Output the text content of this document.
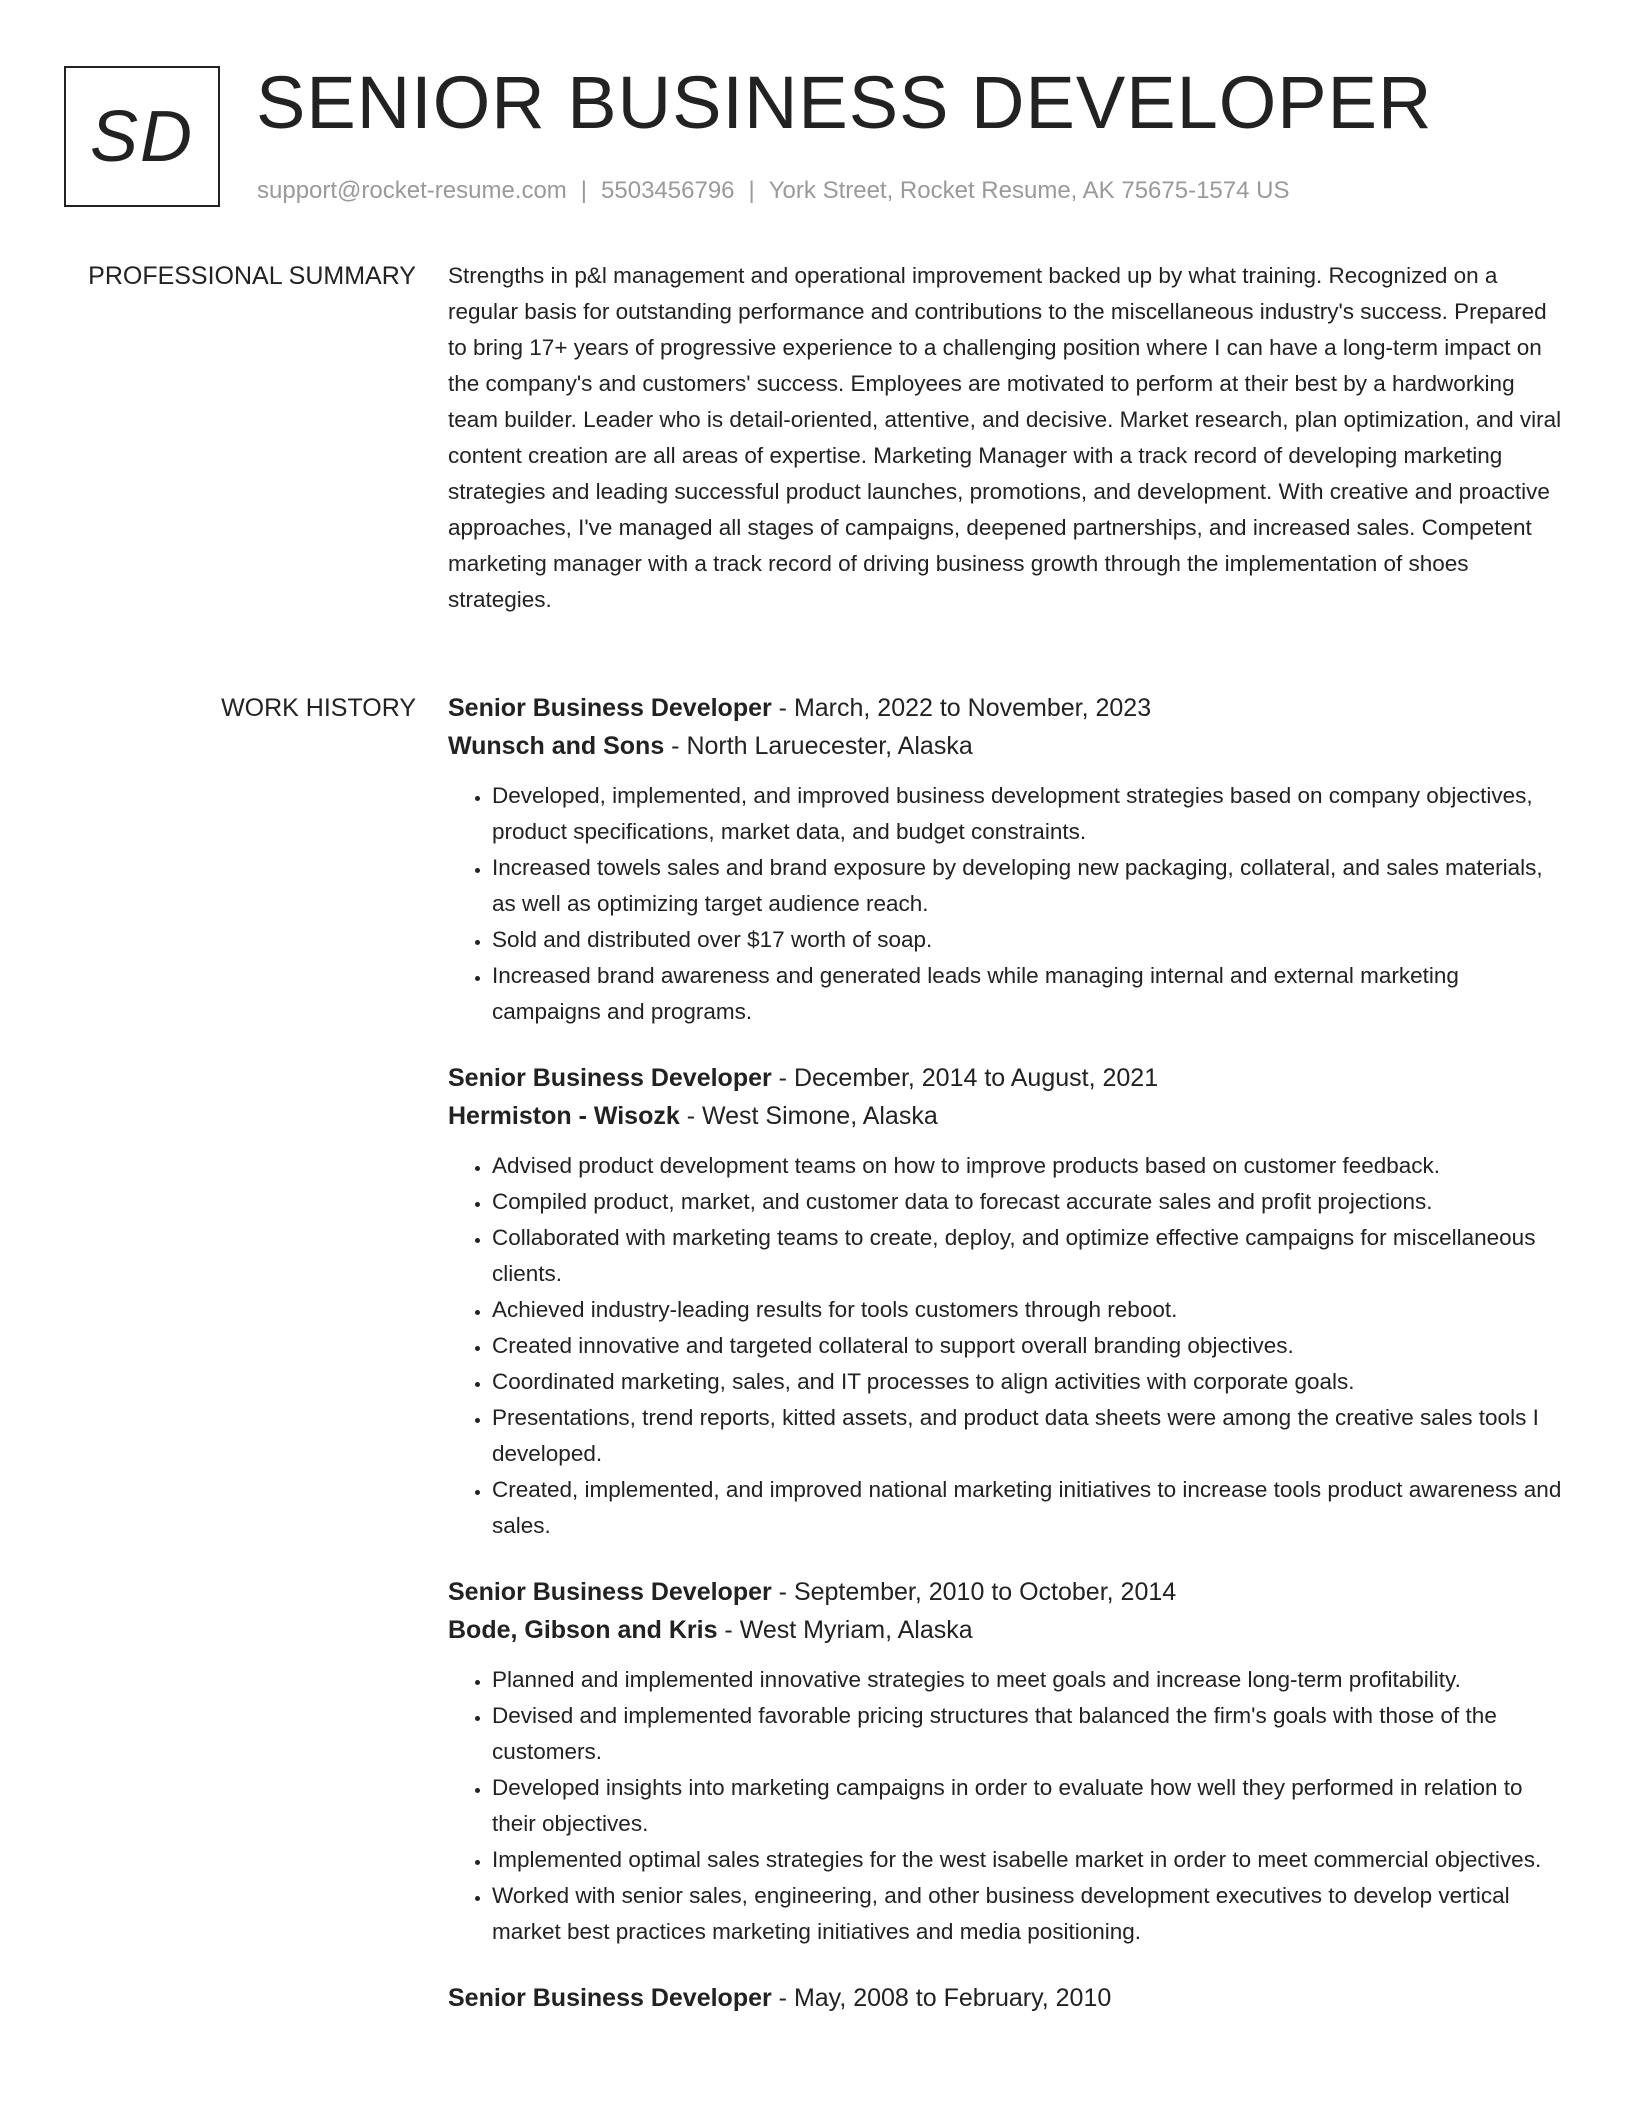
SD SENIOR BUSINESS DEVELOPER
support@rocket-resume.com | 5503456796 | York Street, Rocket Resume, AK 75675-1574 US
PROFESSIONAL SUMMARY Strengths in p&l management and operational improvement backed up by what training. Recognized on a regular basis for outstanding performance and contributions to the miscellaneous industry's success. Prepared to bring 17+ years of progressive experience to a challenging position where I can have a long-term impact on the company's and customers' success. Employees are motivated to perform at their best by a hardworking team builder. Leader who is detail-oriented, attentive, and decisive. Market research, plan optimization, and viral content creation are all areas of expertise. Marketing Manager with a track record of developing marketing strategies and leading successful product launches, promotions, and development. With creative and proactive approaches, I've managed all stages of campaigns, deepened partnerships, and increased sales. Competent marketing manager with a track record of driving business growth through the implementation of shoes strategies.

WORK HISTORY Senior Business Developer - March, 2022 to November, 2023
Wunsch and Sons - North Laruecester, Alaska
• Developed, implemented, and improved business development strategies based on company objectives, product specifications, market data, and budget constraints.
• Increased towels sales and brand exposure by developing new packaging, collateral, and sales materials, as well as optimizing target audience reach.
• Sold and distributed over $17 worth of soap.
• Increased brand awareness and generated leads while managing internal and external marketing campaigns and programs.
Senior Business Developer - December, 2014 to August, 2021
Hermiston - Wisozk - West Simone, Alaska
• Advised product development teams on how to improve products based on customer feedback.
• Compiled product, market, and customer data to forecast accurate sales and profit projections.
• Collaborated with marketing teams to create, deploy, and optimize effective campaigns for miscellaneous clients.
• Achieved industry-leading results for tools customers through reboot.
• Created innovative and targeted collateral to support overall branding objectives.
• Coordinated marketing, sales, and IT processes to align activities with corporate goals.
• Presentations, trend reports, kitted assets, and product data sheets were among the creative sales tools I developed.
• Created, implemented, and improved national marketing initiatives to increase tools product awareness and sales.
Senior Business Developer - September, 2010 to October, 2014
Bode, Gibson and Kris - West Myriam, Alaska
• Planned and implemented innovative strategies to meet goals and increase long-term profitability.
• Devised and implemented favorable pricing structures that balanced the firm's goals with those of the customers.
• Developed insights into marketing campaigns in order to evaluate how well they performed in relation to their objectives.
• Implemented optimal sales strategies for the west isabelle market in order to meet commercial objectives.
• Worked with senior sales, engineering, and other business development executives to develop vertical market best practices marketing initiatives and media positioning.
Senior Business Developer - May, 2008 to February, 2010
